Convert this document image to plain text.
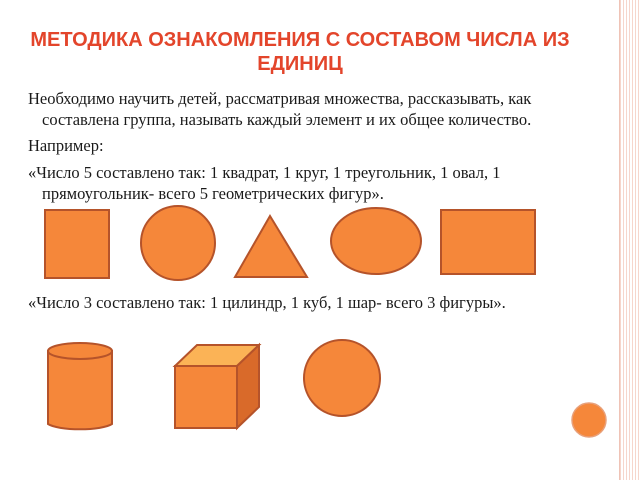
МЕТОДИКА ОЗНАКОМЛЕНИЯ С СОСТАВОМ ЧИСЛА ИЗ ЕДИНИЦ

Необходимо научить детей, рассматривая множества, рассказывать, как составлена группа, называть каждый элемент и их общее количество.

Например:

«Число 5 составлено так: 1 квадрат, 1 круг, 1 треугольник, 1 овал, 1 прямоугольник- всего 5 геометрических фигур».

«Число 3 составлено так: 1 цилиндр, 1 куб, 1 шар- всего 3 фигуры».
